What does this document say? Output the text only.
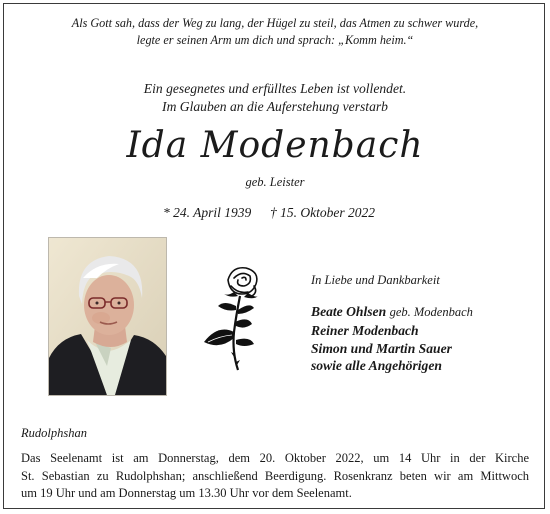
Als Gott sah, dass der Weg zu lang, der Hügel zu steil, das Atmen zu schwer wurde,
legte er seinen Arm um dich und sprach: „Komm heim.“
Ein gesegnetes und erfülltes Leben ist vollendet.
Im Glauben an die Auferstehung verstarb
Ida Modenbach
geb. Leister
* 24. April 1939 † 15. Oktober 2022
In Liebe und Dankbarkeit
Beate Ohlsen geb. Modenbach
Reiner Modenbach
Simon und Martin Sauer
sowie alle Angehörigen
Rudolphshan
Das Seelenamt ist am Donnerstag, dem 20. Oktober 2022, um 14 Uhr in der Kirche
St. Sebastian zu Rudolphshan; anschließend Beerdigung. Rosenkranz beten wir am Mittwoch
um 19 Uhr und am Donnerstag um 13.30 Uhr vor dem Seelenamt.
